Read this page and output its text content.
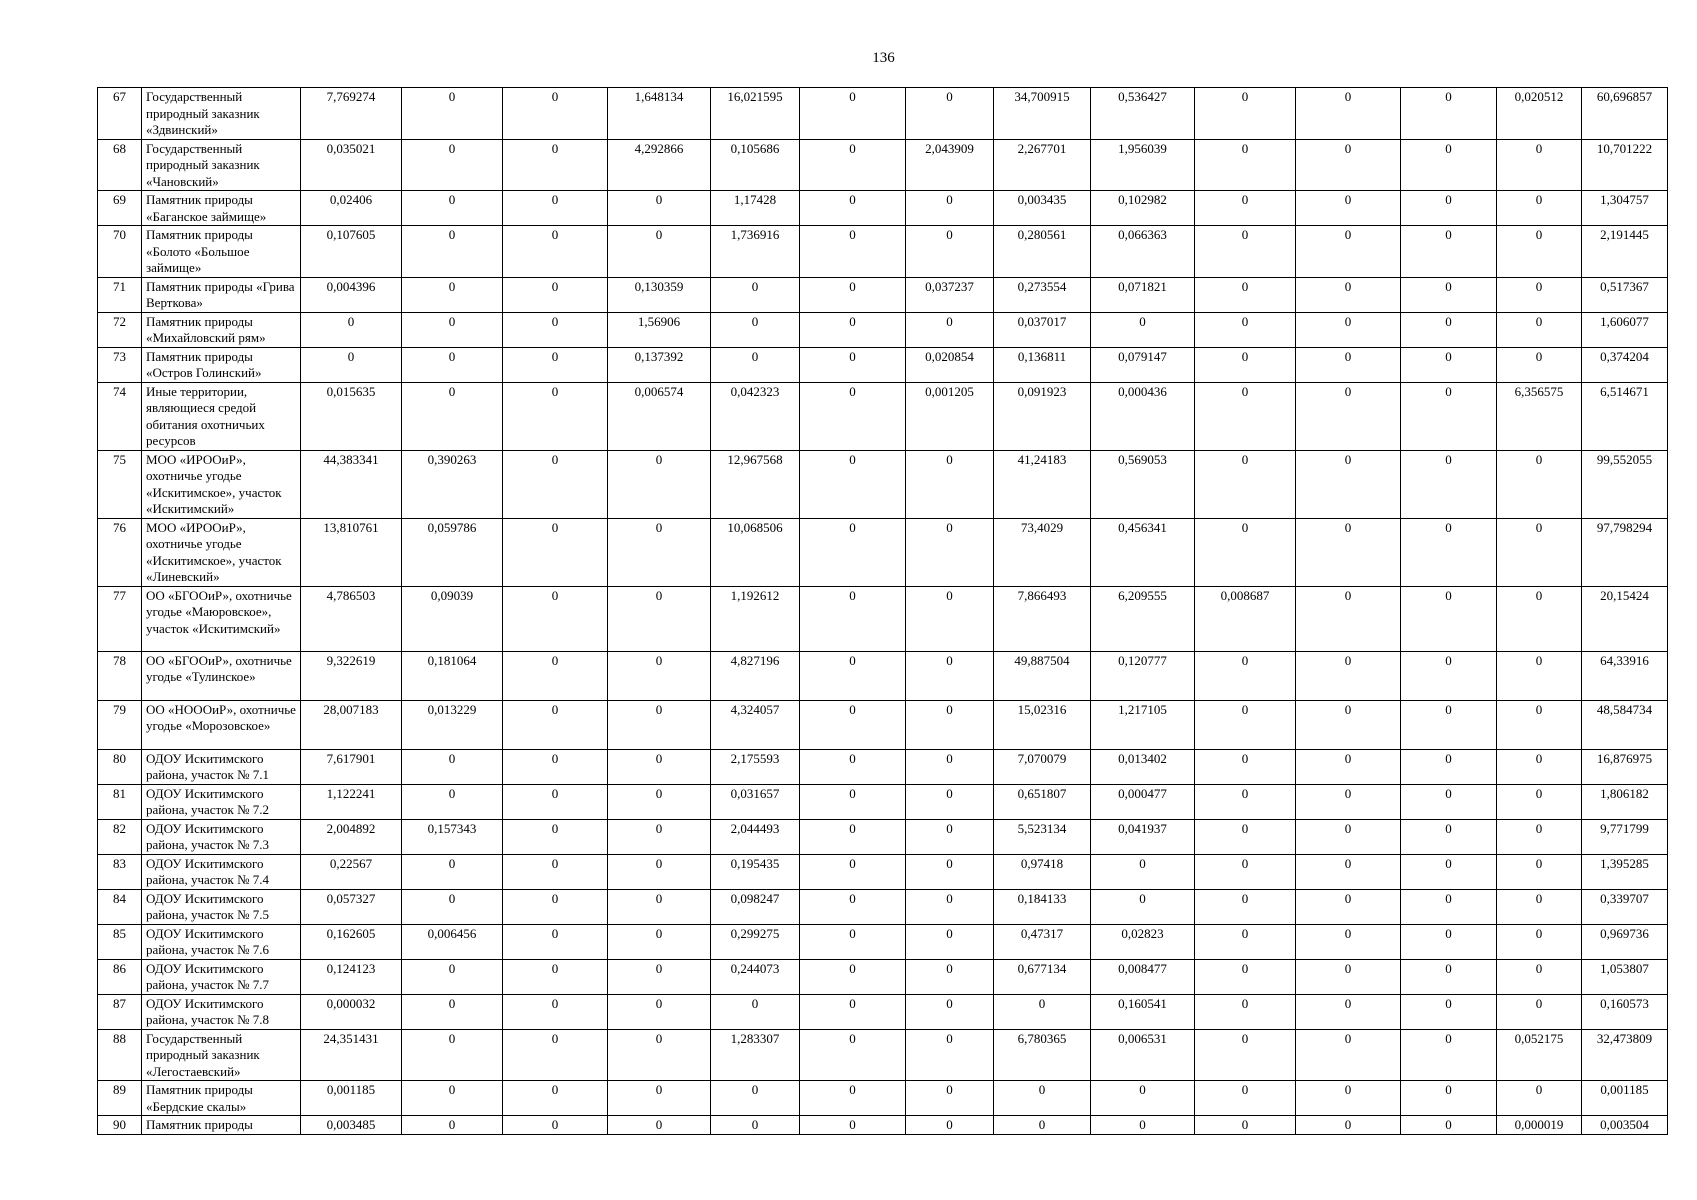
136
67	Государственный природный заказник «Здвинский»	7,769274	0	0	1,648134	16,021595	0	0	34,700915	0,536427	0	0	0	0,020512	60,696857
68	Государственный природный заказник «Чановский»	0,035021	0	0	4,292866	0,105686	0	2,043909	2,267701	1,956039	0	0	0	0	10,701222
69	Памятник природы «Баганское займище»	0,02406	0	0	0	1,17428	0	0	0,003435	0,102982	0	0	0	0	1,304757
70	Памятник природы «Болото «Большое займище»	0,107605	0	0	0	1,736916	0	0	0,280561	0,066363	0	0	0	0	2,191445
71	Памятник природы «Грива Верткова»	0,004396	0	0	0,130359	0	0	0,037237	0,273554	0,071821	0	0	0	0	0,517367
72	Памятник природы «Михайловский рям»	0	0	0	1,56906	0	0	0	0,037017	0	0	0	0	0	1,606077
73	Памятник природы «Остров Голинский»	0	0	0	0,137392	0	0	0,020854	0,136811	0,079147	0	0	0	0	0,374204
74	Иные территории, являющиеся средой обитания охотничьих ресурсов	0,015635	0	0	0,006574	0,042323	0	0,001205	0,091923	0,000436	0	0	0	6,356575	6,514671
75	МОО «ИРООиР», охотничье угодье «Искитимское», участок «Искитимский»	44,383341	0,390263	0	0	12,967568	0	0	41,24183	0,569053	0	0	0	0	99,552055
76	МОО «ИРООиР», охотничье угодье «Искитимское», участок «Линевский»	13,810761	0,059786	0	0	10,068506	0	0	73,4029	0,456341	0	0	0	0	97,798294
77	ОО «БГООиР», охотничье угодье «Маюровское», участок «Искитимский»	4,786503	0,09039	0	0	1,192612	0	0	7,866493	6,209555	0,008687	0	0	0	20,15424
78	ОО «БГООиР», охотничье угодье «Тулинское»	9,322619	0,181064	0	0	4,827196	0	0	49,887504	0,120777	0	0	0	0	64,33916
79	ОО «НОООиР», охотничье угодье «Морозовское»	28,007183	0,013229	0	0	4,324057	0	0	15,02316	1,217105	0	0	0	0	48,584734
80	ОДОУ Искитимского района, участок № 7.1	7,617901	0	0	0	2,175593	0	0	7,070079	0,013402	0	0	0	0	16,876975
81	ОДОУ Искитимского района, участок № 7.2	1,122241	0	0	0	0,031657	0	0	0,651807	0,000477	0	0	0	0	1,806182
82	ОДОУ Искитимского района, участок № 7.3	2,004892	0,157343	0	0	2,044493	0	0	5,523134	0,041937	0	0	0	0	9,771799
83	ОДОУ Искитимского района, участок № 7.4	0,22567	0	0	0	0,195435	0	0	0,97418	0	0	0	0	0	1,395285
84	ОДОУ Искитимского района, участок № 7.5	0,057327	0	0	0	0,098247	0	0	0,184133	0	0	0	0	0	0,339707
85	ОДОУ Искитимского района, участок № 7.6	0,162605	0,006456	0	0	0,299275	0	0	0,47317	0,02823	0	0	0	0	0,969736
86	ОДОУ Искитимского района, участок № 7.7	0,124123	0	0	0	0,244073	0	0	0,677134	0,008477	0	0	0	0	1,053807
87	ОДОУ Искитимского района, участок № 7.8	0,000032	0	0	0	0	0	0	0	0,160541	0	0	0	0	0,160573
88	Государственный природный заказник «Легостаевский»	24,351431	0	0	0	1,283307	0	0	6,780365	0,006531	0	0	0	0,052175	32,473809
89	Памятник природы «Бердские скалы»	0,001185	0	0	0	0	0	0	0	0	0	0	0	0	0,001185
90	Памятник природы	0,003485	0	0	0	0	0	0	0	0	0	0	0	0,000019	0,003504
